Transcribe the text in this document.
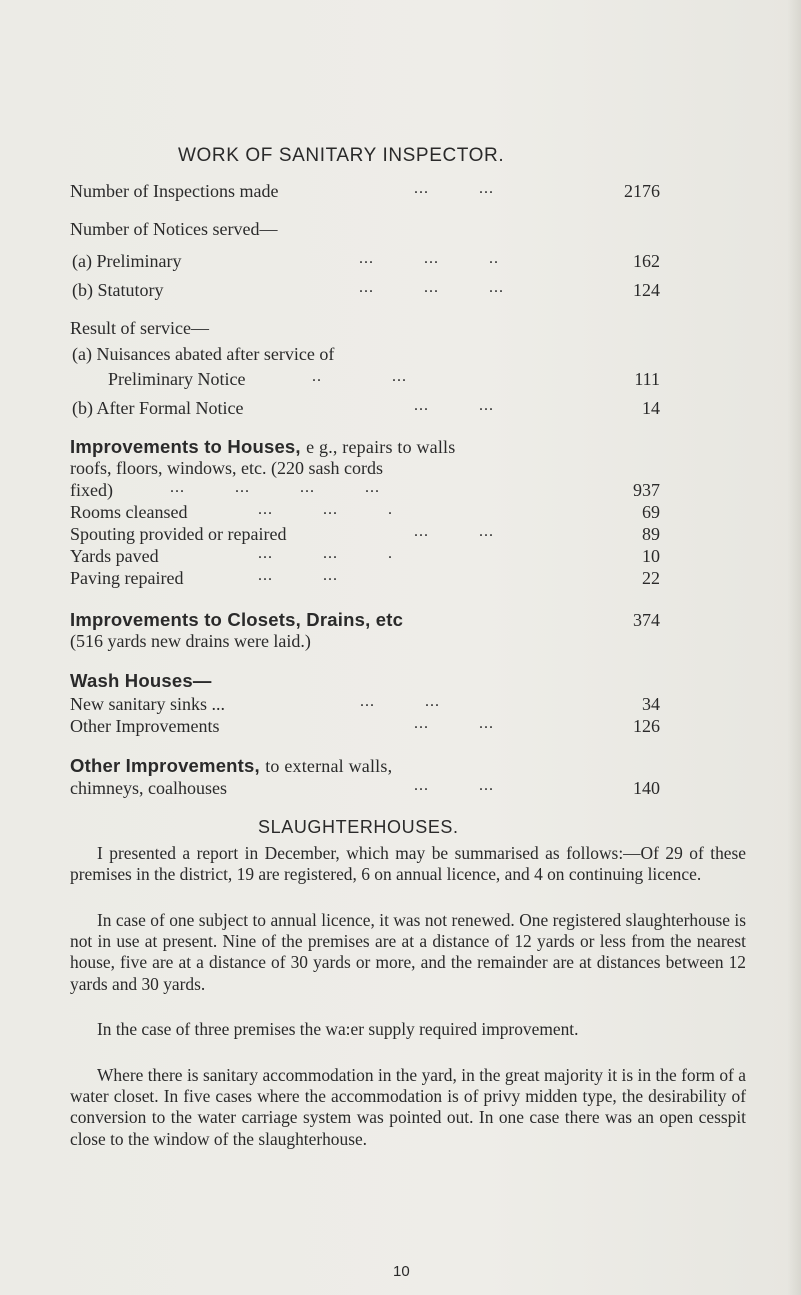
WORK OF SANITARY INSPECTOR.
Number of Inspections made	...          ...	2176
Number of Notices served—
(a) Preliminary	...          ...          ..	162
(b) Statutory	...          ...          ...	124
Result of service—
(a) Nuisances abated after service of
Preliminary Notice	..              ...	111
(b) After Formal Notice	...          ...	14
Improvements to Houses, e g., repairs to walls
roofs, floors, windows, etc. (220 sash cords
fixed)	...          ...          ...          ...	937
Rooms cleansed	...          ...          .	69
Spouting provided or repaired	...          ...	89
Yards paved	...          ...          .	10
Paving repaired	...          ...	22
Improvements to Closets, Drains, etc	374
(516 yards new drains were laid.)
Wash Houses—
New sanitary sinks ...	...          ...	34
Other Improvements	...          ...	126
Other Improvements, to external walls,
chimneys, coalhouses	...          ...	140
SLAUGHTERHOUSES.
I presented a report in December, which may be summarised as follows:—Of 29 of these premises in the district, 19 are registered, 6 on annual licence, and 4 on continuing licence.
In case of one subject to annual licence, it was not renewed. One registered slaughterhouse is not in use at present. Nine of the premises are at a distance of 12 yards or less from the nearest house, five are at a distance of 30 yards or more, and the remainder are at distances between 12 yards and 30 yards.
In the case of three premises the wa:er supply required improvement.
Where there is sanitary accommodation in the yard, in the great majority it is in the form of a water closet. In five cases where the accommodation is of privy midden type, the desirability of conversion to the water carriage system was pointed out. In one case there was an open cesspit close to the window of the slaughterhouse.
10
